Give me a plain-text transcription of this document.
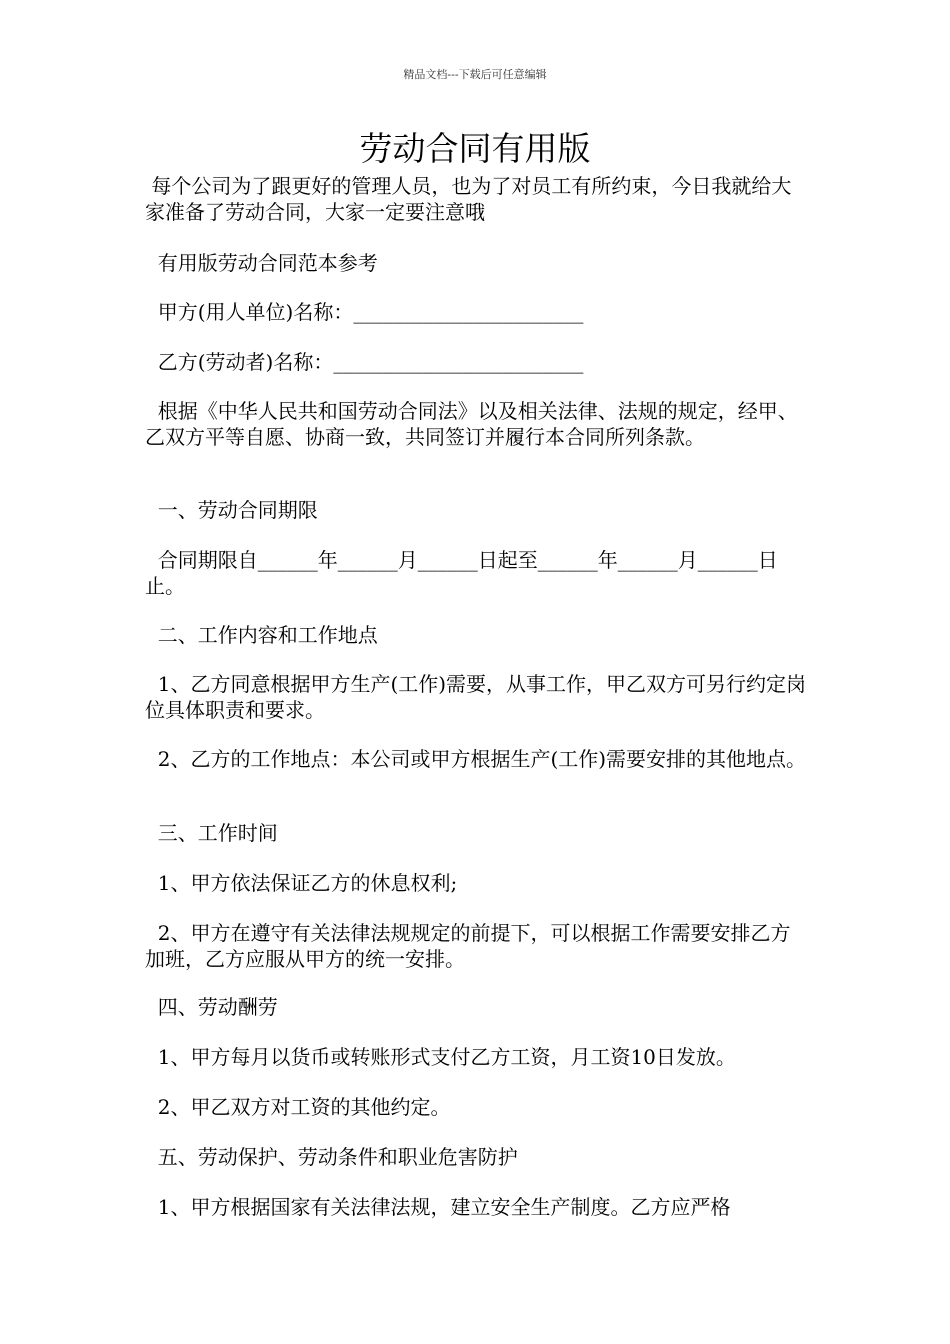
精品文档---下载后可任意编辑
劳动合同有用版

每个公司为了跟更好的管理人员，也为了对员工有所约束，今日我就给大家准备了劳动合同，大家一定要注意哦

有用版劳动合同范本参考

甲方(用人单位)名称：_______________________

乙方(劳动者)名称：_________________________

根据《中华人民共和国劳动合同法》以及相关法律、法规的规定，经甲、乙双方平等自愿、协商一致，共同签订并履行本合同所列条款。

一、劳动合同期限

合同期限自______年______月______日起至______年______月______日止。

二、工作内容和工作地点

1、乙方同意根据甲方生产(工作)需要，从事工作，甲乙双方可另行约定岗位具体职责和要求。

2、乙方的工作地点：本公司或甲方根据生产(工作)需要安排的其他地点。

三、工作时间

1、甲方依法保证乙方的休息权利;

2、甲方在遵守有关法律法规规定的前提下，可以根据工作需要安排乙方加班，乙方应服从甲方的统一安排。

四、劳动酬劳

1、甲方每月以货币或转账形式支付乙方工资，月工资10日发放。

2、甲乙双方对工资的其他约定。

五、劳动保护、劳动条件和职业危害防护

1、甲方根据国家有关法律法规，建立安全生产制度。乙方应严格
